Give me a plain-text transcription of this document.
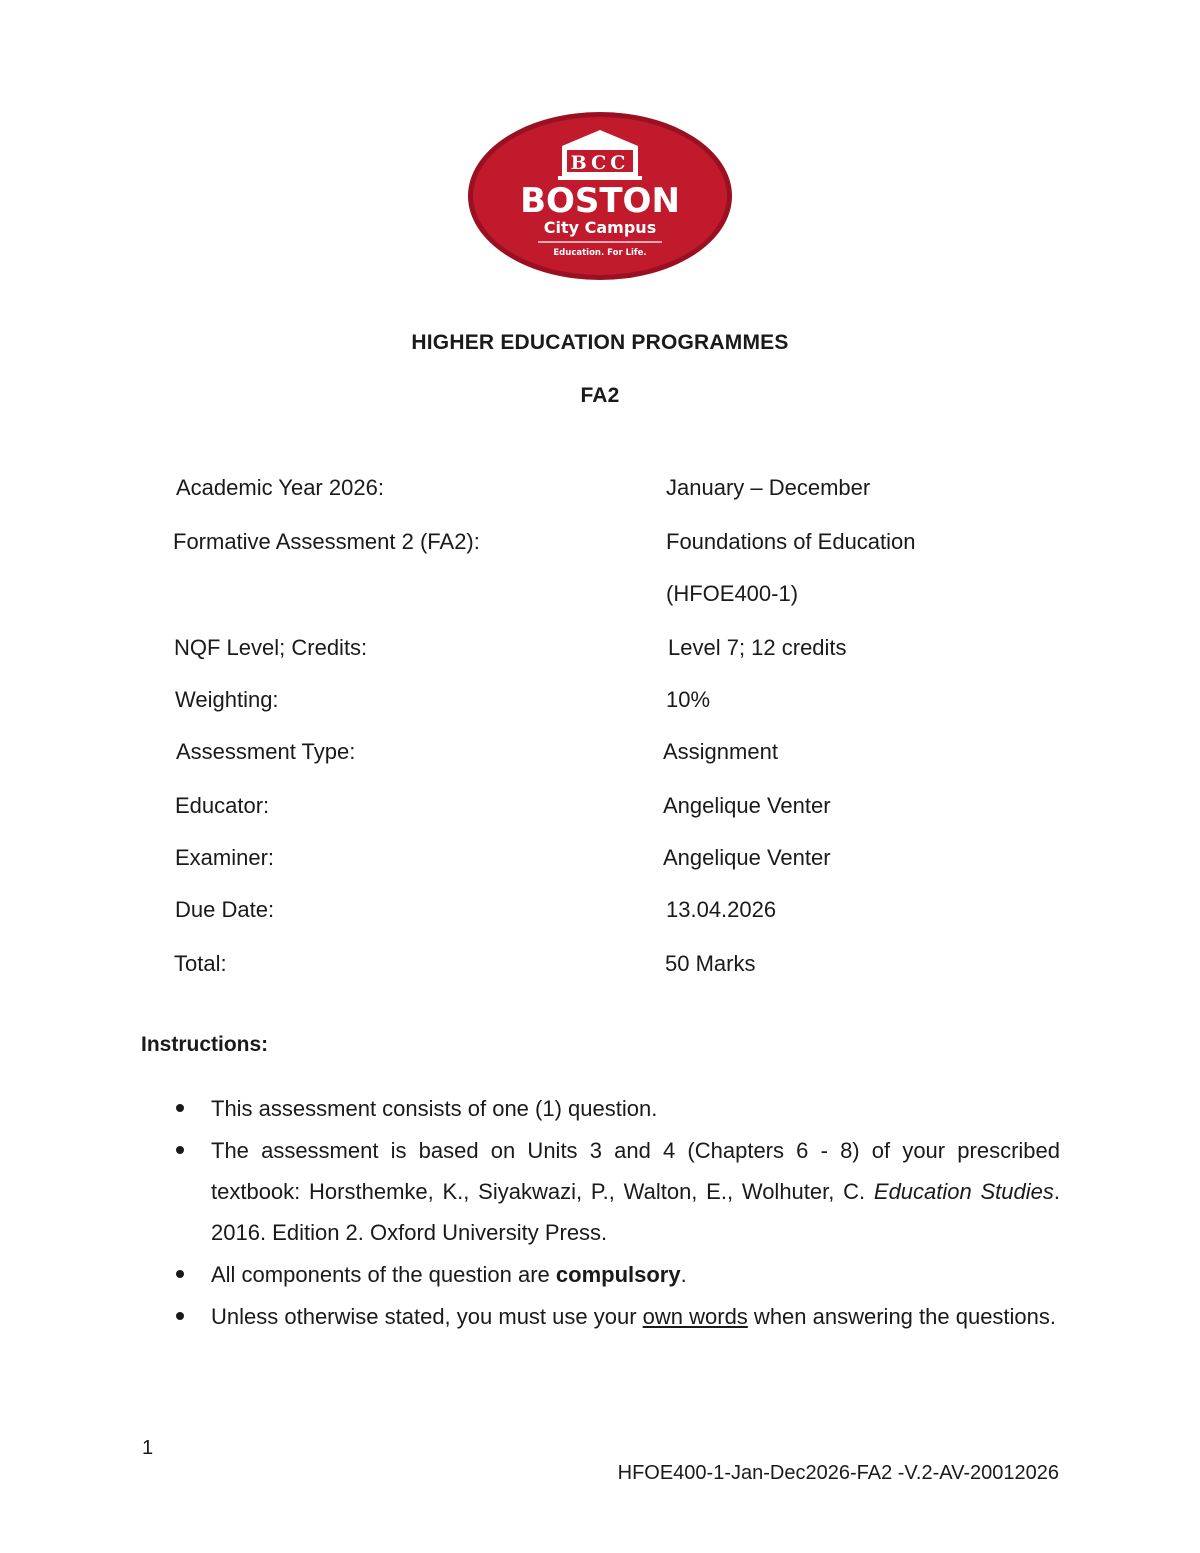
BCC
BOSTON
City Campus
Education. For Life.
HIGHER EDUCATION PROGRAMMES
FA2
Academic Year 2026:	January – December
Formative Assessment 2 (FA2):	Foundations of Education
(HFOE400-1)
NQF Level; Credits:	Level 7; 12 credits
Weighting:	10%
Assessment Type:	Assignment
Educator:	Angelique Venter
Examiner:	Angelique Venter
Due Date:	13.04.2026
Total:	50 Marks
Instructions:
This assessment consists of one (1) question.
The assessment is based on Units 3 and 4 (Chapters 6 - 8) of your prescribed textbook: Horsthemke, K., Siyakwazi, P., Walton, E., Wolhuter, C. Education Studies. 2016. Edition 2. Oxford University Press.
All components of the question are compulsory.
Unless otherwise stated, you must use your own words when answering the questions.
1
HFOE400-1-Jan-Dec2026-FA2 -V.2-AV-20012026
